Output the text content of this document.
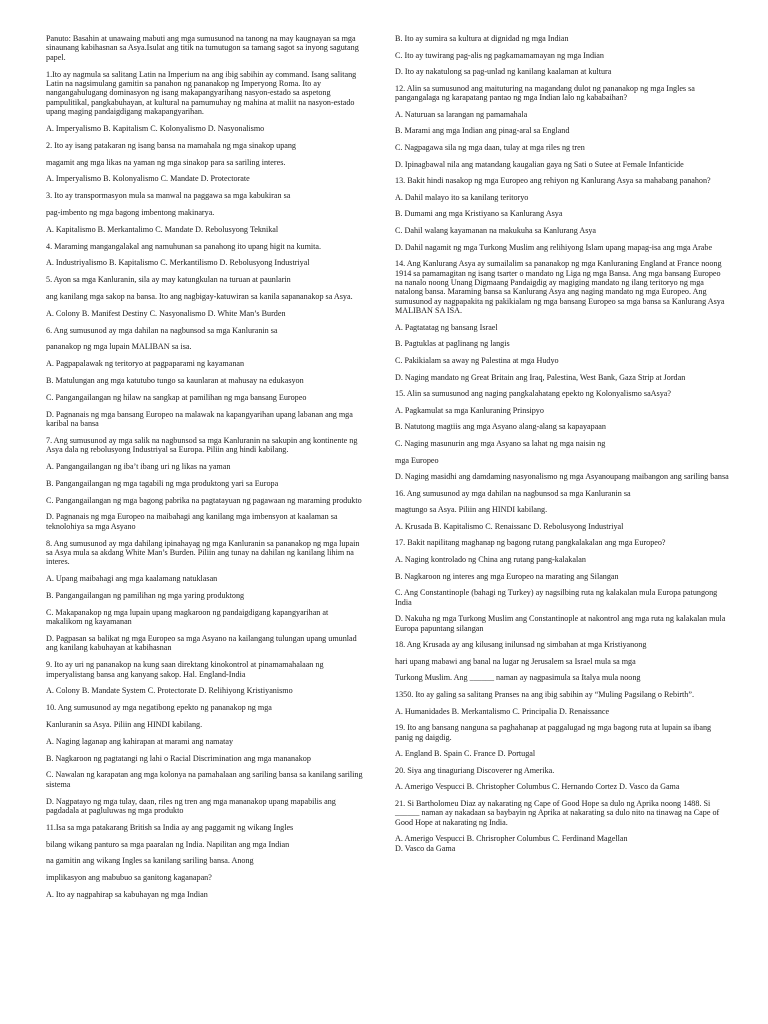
Panuto: Basahin at unawaing mabuti ang mga sumusunod na tanong na may kaugnayan sa mga sinaunang kabihasnan sa Asya.Isulat ang titik na tumutugon sa tamang sagot sa inyong sagutang papel.

1.Ito ay nagmula sa salitang Latin na Imperium na ang ibig sabihin ay command. Isang salitang Latin na nagsimulang gamitin sa panahon ng pananakop ng Imperyong Roma. Ito ay nangangahulugang dominasyon ng isang makapangyarihang nasyon-estado sa aspetong pampulitikal, pangkabuhayan, at kultural na pamumuhay ng mahina at maliit na nasyon-estado upang maging pandaigdigang makapangyarihan.

A. Imperyalismo B. Kapitalism C. Kolonyalismo D. Nasyonalismo

2. Ito ay isang patakaran ng isang bansa na mamahala ng mga sinakop upang

magamit ang mga likas na yaman ng mga sinakop para sa sariling interes.

A. Imperyalismo B. Kolonyalismo C. Mandate D. Protectorate

3. Ito ay transpormasyon mula sa manwal na paggawa sa mga kabukiran sa

pag-imbento ng mga bagong imbentong makinarya.

A. Kapitalismo B. Merkantalimo C. Mandate D. Rebolusyong Teknikal

4. Maraming mangangalakal ang namuhunan sa panahong ito upang higit na kumita.

A. Industriyalismo B. Kapitalismo C. Merkantilismo D. Rebolusyong Industriyal

5. Ayon sa mga Kanluranin, sila ay may katungkulan na turuan at paunlarin

ang kanilang mga sakop na bansa. Ito ang nagbigay-katuwiran sa kanila sapananakop sa Asya.

A. Colony B. Manifest Destiny C. Nasyonalismo D. White Man’s Burden

6. Ang sumusunod ay mga dahilan na nagbunsod sa mga Kanluranin sa

pananakop ng mga lupain MALIBAN sa isa.

A. Pagpapalawak ng teritoryo at pagpaparami ng kayamanan

B. Matulungan ang mga katutubo tungo sa kaunlaran at mahusay na edukasyon

C. Pangangailangan ng hilaw na sangkap at pamilihan ng mga bansang Europeo

D. Pagnanais ng mga bansang Europeo na malawak na kapangyarihan upang labanan ang mga karibal na bansa

7. Ang sumusunod ay mga salik na nagbunsod sa mga Kanluranin na sakupin ang kontinente ng Asya dala ng rebolusyong Industriyal sa Europa. Piliin ang hindi kabilang.

A. Pangangailangan ng iba’t ibang uri ng likas na yaman

B. Pangangailangan ng mga tagabili ng mga produktong yari sa Europa

C. Pangangailangan ng mga bagong pabrika na pagtatayuan ng pagawaan ng maraming produkto

D. Pagnanais ng mga Europeo na maibahagi ang kanilang mga imbensyon at kaalaman sa teknolohiya sa mga Asyano

8. Ang sumusunod ay mga dahilang ipinahayag ng mga Kanluranin sa pananakop ng mga lupain sa Asya mula sa akdang White Man’s Burden. Piliin ang tunay na dahilan ng kanilang lihim na interes.

A. Upang maibahagi ang mga kaalamang natuklasan

B. Pangangailangan ng pamilihan ng mga yaring produktong

C. Makapanakop ng mga lupain upang magkaroon ng pandaigdigang kapangyarihan at makalikom ng kayamanan

D. Pagpasan sa balikat ng mga Europeo sa mga Asyano na kailangang tulungan upang umunlad ang kanilang kabuhayan at kabihasnan

9. Ito ay uri ng pananakop na kung saan direktang kinokontrol at pinamamahalaan ng imperyalistang bansa ang kanyang sakop. Hal. England-India

A. Colony B. Mandate System C. Protectorate D. Relihiyong Kristiyanismo

10. Ang sumusunod ay mga negatibong epekto ng pananakop ng mga

Kanluranin sa Asya. Piliin ang HINDI kabilang.

A. Naging laganap ang kahirapan at marami ang namatay

B. Nagkaroon ng pagtatangi ng lahi o Racial Discrimination ang mga mananakop

C. Nawalan ng karapatan ang mga kolonya na pamahalaan ang sariling bansa sa kanilang sariling sistema

D. Nagpatayo ng mga tulay, daan, riles ng tren ang mga mananakop upang mapabilis ang pagdadala at pagluluwas ng mga produkto

11.Isa sa mga patakarang British sa India ay ang paggamit ng wikang Ingles

bilang wikang panturo sa mga paaralan ng India. Napilitan ang mga Indian

na gamitin ang wikang Ingles sa kanilang sariling bansa. Anong

implikasyon ang mabubuo sa ganitong kaganapan?

A. Ito ay nagpahirap sa kabuhayan ng mga Indian

B. Ito ay sumira sa kultura at dignidad ng mga Indian

C. Ito ay tuwirang pag-alis ng pagkamamamayan ng mga Indian

D. Ito ay nakatulong sa pag-unlad ng kanilang kaalaman at kultura

12. Alin sa sumusunod ang maituturing na magandang dulot ng pananakop ng mga Ingles sa pangangalaga ng karapatang pantao ng mga Indian lalo ng kababaihan?

A. Naturuan sa larangan ng pamamahala

B. Marami ang mga Indian ang pinag-aral sa England

C. Nagpagawa sila ng mga daan, tulay at mga riles ng tren

D. Ipinagbawal nila ang matandang kaugalian gaya ng Sati o Sutee at Female Infanticide

13. Bakit hindi nasakop ng mga Europeo ang rehiyon ng Kanlurang Asya sa mahabang panahon?

A. Dahil malayo ito sa kanilang teritoryo

B. Dumami ang mga Kristiyano sa Kanlurang Asya

C. Dahil walang kayamanan na makukuha sa Kanlurang Asya

D. Dahil nagamit ng mga Turkong Muslim ang relihiyong Islam upang mapag-isa ang mga Arabe

14. Ang Kanlurang Asya ay sumailalim sa pananakop ng mga Kanluraning England at France noong 1914 sa pamamagitan ng isang tsarter o mandato ng Liga ng mga Bansa. Ang mga bansang Europeo na nanalo noong Unang Digmaang Pandaigdig ay magiging mandato ng ilang teritoryo ng mga natalong bansa. Maraming bansa sa Kanlurang Asya ang naging mandato ng mga Europeo. Ang sumusunod ay nagpapakita ng pakikialam ng mga bansang Europeo sa mga bansa sa Kanlurang Asya MALIBAN SA ISA.

A. Pagtatatag ng bansang Israel

B. Pagtuklas at paglinang ng langis

C. Pakikialam sa away ng Palestina at mga Hudyo

D. Naging mandato ng Great Britain ang Iraq, Palestina, West Bank, Gaza Strip at Jordan

15. Alin sa sumusunod ang naging pangkalahatang epekto ng Kolonyalismo saAsya?

A. Pagkamulat sa mga Kanluraning Prinsipyo

B. Natutong magtiis ang mga Asyano alang-alang sa kapayapaan

C. Naging masunurin ang mga Asyano sa lahat ng mga naisin ng

mga Europeo

D. Naging masidhi ang damdaming nasyonalismo ng mga Asyanoupang maibangon ang sariling bansa

16. Ang sumusunod ay mga dahilan na nagbunsod sa mga Kanluranin sa

magtungo sa Asya. Piliin ang HINDI kabilang.

A. Krusada B. Kapitalismo C. Renaissanc D. Rebolusyong Industriyal

17. Bakit napilitang maghanap ng bagong rutang pangkalakalan ang mga Europeo?

A. Naging kontrolado ng China ang rutang pang-kalakalan

B. Nagkaroon ng interes ang mga Europeo na marating ang Silangan

C. Ang Constantinople (bahagi ng Turkey) ay nagsilbing ruta ng kalakalan mula Europa patungong India

D. Nakuha ng mga Turkong Muslim ang Constantinople at nakontrol ang mga ruta ng kalakalan mula Europa papuntang silangan

18. Ang Krusada ay ang kilusang inilunsad ng simbahan at mga Kristiyanong

hari upang mabawi ang banal na lugar ng Jerusalem sa Israel mula sa mga

Turkong Muslim. Ang ______ naman ay nagpasimula sa Italya mula noong

1350. Ito ay galing sa salitang Pranses na ang ibig sabihin ay “Muling Pagsilang o Rebirth”.

A. Humanidades B. Merkantalismo C. Principalia D. Renaissance

19. Ito ang bansang nanguna sa paghahanap at paggalugad ng mga bagong ruta at lupain sa ibang panig ng daigdig.

A. England B. Spain C. France D. Portugal

20. Siya ang tinaguriang Discoverer ng Amerika.

A. Amerigo Vespucci B. Christopher Columbus C. Hernando Cortez D. Vasco da Gama

21. Si Bartholomeu Diaz ay nakarating ng Cape of Good Hope sa dulo ng Aprika noong 1488. Si ______ naman ay nakadaan sa baybayin ng Aprika at nakarating sa dulo nito na tinawag na Cape of Good Hope at nakarating ng India.

A. Amerigo Vespucci B. Chrisropher Columbus C. Ferdinand Magellan
D. Vasco da Gama
